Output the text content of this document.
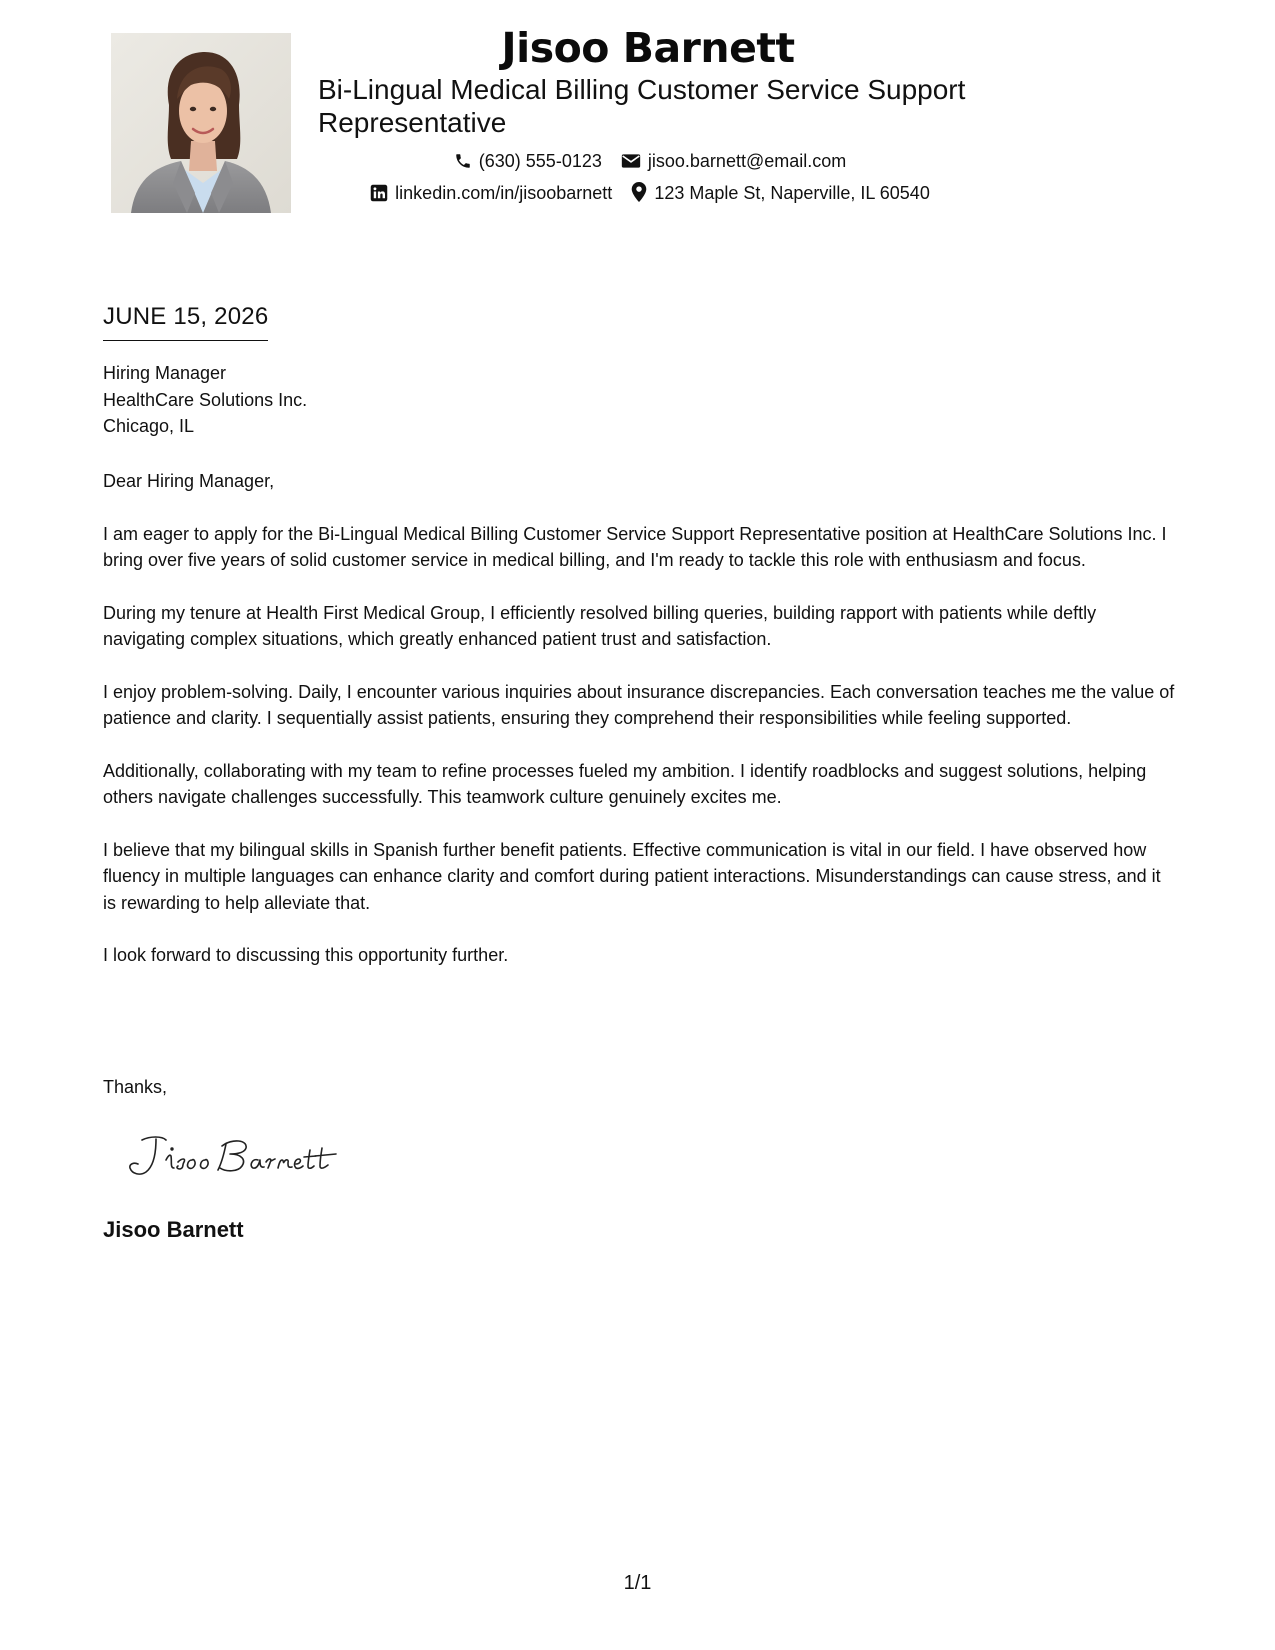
Jisoo Barnett
Bi-Lingual Medical Billing Customer Service Support Representative
(630) 555-0123	jisoo.barnett@email.com
linkedin.com/in/jisoobarnett 123 Maple St, Naperville, IL 60540
JUNE 15, 2026
Hiring Manager
HealthCare Solutions Inc.
Chicago, IL

Dear Hiring Manager,

I am eager to apply for the Bi-Lingual Medical Billing Customer Service Support Representative position at HealthCare Solutions Inc. I bring over five years of solid customer service in medical billing, and I'm ready to tackle this role with enthusiasm and focus.

During my tenure at Health First Medical Group, I efficiently resolved billing queries, building rapport with patients while deftly navigating complex situations, which greatly enhanced patient trust and satisfaction.

I enjoy problem-solving. Daily, I encounter various inquiries about insurance discrepancies. Each conversation teaches me the value of patience and clarity. I sequentially assist patients, ensuring they comprehend their responsibilities while feeling supported.

Additionally, collaborating with my team to refine processes fueled my ambition. I identify roadblocks and suggest solutions, helping others navigate challenges successfully. This teamwork culture genuinely excites me.

I believe that my bilingual skills in Spanish further benefit patients. Effective communication is vital in our field. I have observed how fluency in multiple languages can enhance clarity and comfort during patient interactions. Misunderstandings can cause stress, and it is rewarding to help alleviate that.

I look forward to discussing this opportunity further.

Thanks,
Jisoo Barnett
1/1
